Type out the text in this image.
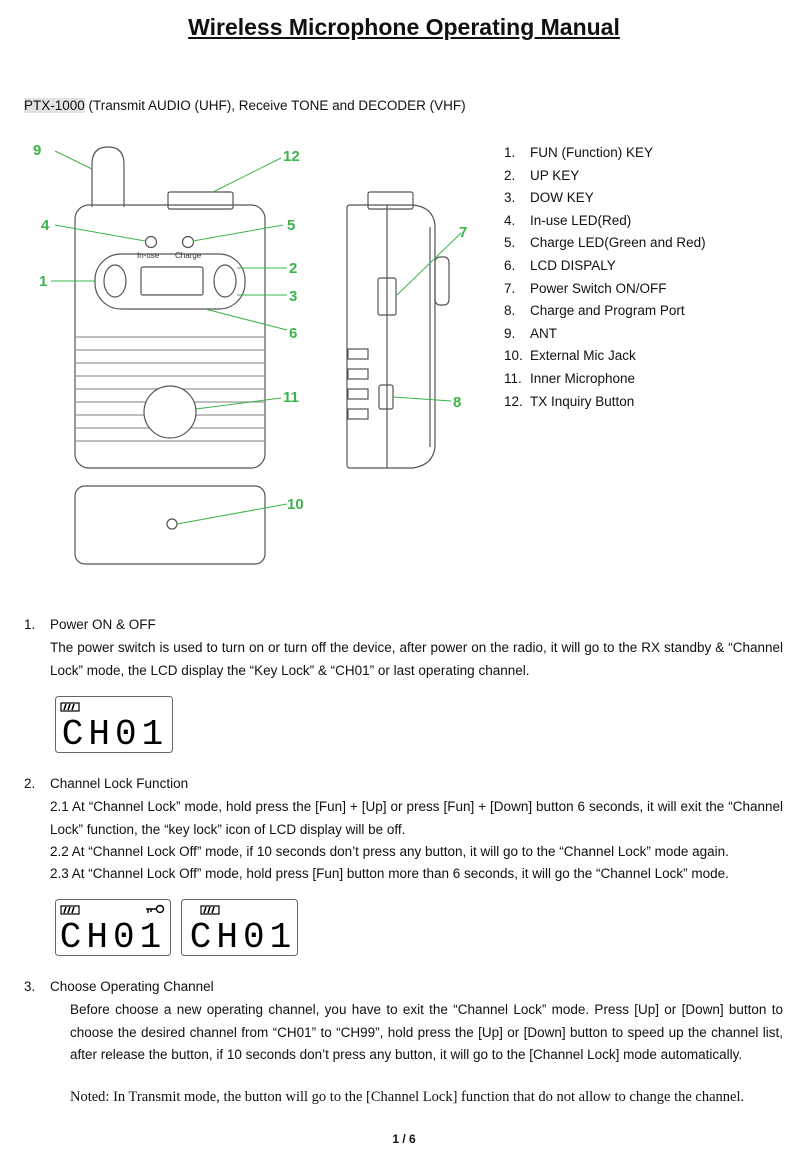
Wireless Microphone Operating Manual
PTX-1000 (Transmit AUDIO (UHF), Receive TONE and DECODER (VHF)
In-use Charge
9	12
4	5
1
2
3
6
7
11	8
10
1. FUN (Function) KEY
2. UP KEY
3. DOW KEY
4. In-use LED(Red)
5. Charge LED(Green and Red)
6. LCD DISPALY
7. Power Switch ON/OFF
8. Charge and Program Port
9. ANT
10. External Mic Jack
11. Inner Microphone
12. TX Inquiry Button
1. Power ON & OFF
The power switch is used to turn on or turn off the device, after power on the radio, it will go to the RX standby & “Channel Lock” mode, the LCD display the “Key Lock” & “CH01” or last operating channel.
CH01
2. Channel Lock Function
2.1 At “Channel Lock” mode, hold press the [Fun] + [Up] or press [Fun] + [Down] button 6 seconds, it will exit the “Channel Lock” function, the “key lock” icon of LCD display will be off.
2.2 At “Channel Lock Off” mode, if 10 seconds don’t press any button, it will go to the “Channel Lock” mode again.
2.3 At “Channel Lock Off” mode, hold press [Fun] button more than 6 seconds, it will go the “Channel Lock” mode.
CH01 CH01
3. Choose Operating Channel
Before choose a new operating channel, you have to exit the “Channel Lock” mode. Press [Up] or [Down] button to choose the desired channel from “CH01” to “CH99”, hold press the [Up] or [Down] button to speed up the channel list, after release the button, if 10 seconds don’t press any button, it will go to the [Channel Lock] mode automatically.
Noted: In Transmit mode, the button will go to the [Channel Lock] function that do not allow to change the channel.
1 / 6
